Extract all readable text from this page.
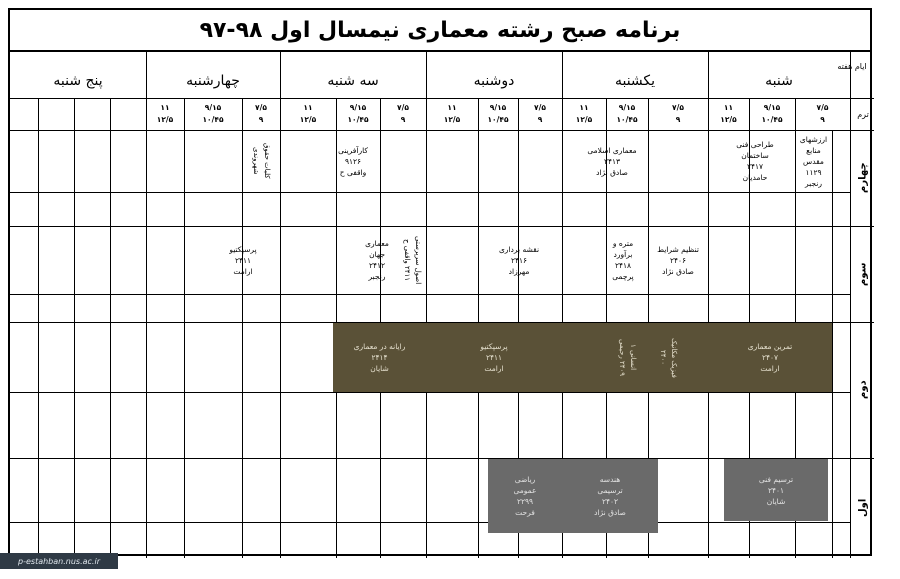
برنامه صبح رشته معماری نیمسال اول ۹۸-۹۷
ایام هفته
ترم
شنبه
یکشنبه
دوشنبه
سه شنبه
چهارشنبه
پنج شنبه
۷/۵
۹
۹/۱۵
۱۰/۴۵
۱۱
۱۲/۵
۷/۵
۹
۹/۱۵
۱۰/۴۵
۱۱
۱۲/۵
۷/۵
۹
۹/۱۵
۱۰/۴۵
۱۱
۱۲/۵
۷/۵
۹
۹/۱۵
۱۰/۴۵
۱۱
۱۲/۵
۷/۵
۹
۹/۱۵
۱۰/۴۵
۱۱
۱۲/۵
چهارم
سوم
دوم
اول
ارزشهای
منابع
مقدس
۱۱۲۹
رنجبر
طراحی فنی
ساختمان
۲۴۱۷
حامدیان
معماری اسلامی
۲۴۱۳
صادق نژاد
کارآفرینی
۹۱۲۶
واقفی ح
کلیات حقوق
شهروندی
تنظیم شرایط
۲۴۰۶
صادق نژاد
متره و
برآورد
۲۴۱۸
پرچمی
نقشه برداری
۲۴۱۶
مهرزاد
اصول سرپرستی
۲۴۱۱ واقفی ح
معماری
جهان
۲۴۱۲
رنجبر
پرسپکتیو
۲۴۱۱
ارامت
تمرین معماری
۲۴۰۷
ارامت
فیزیک مکانیک
۲۴۰۰
انسانی ۱
۲۴۰۹ رحیمی
پرسپکتیو
۲۴۱۱
ارامت
رایانه در معماری
۲۴۱۴
شایان
ترسیم فنی
۲۴۰۱
شایان
هندسه
ترسیمی
۲۴۰۲
صادق نژاد
ریاضی
عمومی
۲۲۹۹
فرحت
p-estahban.nus.ac.ir
